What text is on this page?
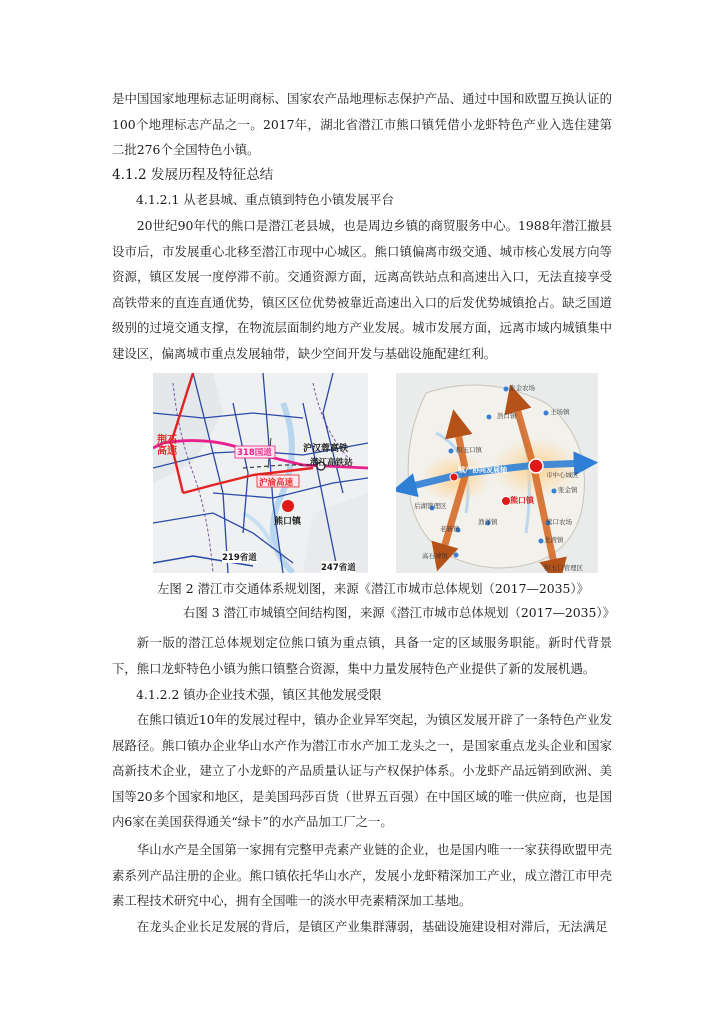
是中国国家地理标志证明商标、国家农产品地理标志保护产品、通过中国和欧盟互换认证的100个地理标志产品之一。2017年，湖北省潜江市熊口镇凭借小龙虾特色产业入选住建第二批276个全国特色小镇。

4.1.2 发展历程及特征总结

4.1.2.1 从老县城、重点镇到特色小镇发展平台

20世纪90年代的熊口是潜江老县城，也是周边乡镇的商贸服务中心。1988年潜江撤县设市后，市发展重心北移至潜江市现中心城区。熊口镇偏离市级交通、城市核心发展方向等资源，镇区发展一度停滞不前。交通资源方面，远离高铁站点和高速出入口，无法直接享受高铁带来的直连直通优势，镇区区位优势被靠近高速出入口的后发优势城镇抢占。缺乏国道级别的过境交通支撑，在物流层面制约地方产业发展。城市发展方面，远离市域内城镇集中建设区，偏离城市重点发展轴带，缺少空间开发与基础设施配建红利。

荆石
高速	318国道	沪汉蓉高铁
沪渝高速
潜江高铁站
熊口镇
219省道
247省道
浩口镇
积玉口镇
城产协同发展轴
市中心城区
熊口镇
后湖管理区
老新镇
渔洋镇
张金镇
龙湾镇
熊口农场
高石碑镇
张金农场
积玉口管理区
王场镇

左图 2 潜江市交通体系规划图，来源《潜江市城市总体规划（2017—2035）》

右图 3 潜江市城镇空间结构图，来源《潜江市城市总体规划（2017—2035）》

新一版的潜江总体规划定位熊口镇为重点镇，具备一定的区域服务职能。新时代背景下，熊口龙虾特色小镇为熊口镇整合资源，集中力量发展特色产业提供了新的发展机遇。

4.1.2.2 镇办企业技术强，镇区其他发展受限

在熊口镇近10年的发展过程中，镇办企业异军突起，为镇区发展开辟了一条特色产业发展路径。熊口镇办企业华山水产作为潜江市水产加工龙头之一，是国家重点龙头企业和国家高新技术企业，建立了小龙虾的产品质量认证与产权保护体系。小龙虾产品远销到欧洲、美国等20多个国家和地区，是美国玛莎百货（世界五百强）在中国区域的唯一供应商，也是国内6家在美国获得通关“绿卡”的水产品加工厂之一。

华山水产是全国第一家拥有完整甲壳素产业链的企业，也是国内唯一一家获得欧盟甲壳素系列产品注册的企业。熊口镇依托华山水产，发展小龙虾精深加工产业，成立潜江市甲壳素工程技术研究中心，拥有全国唯一的淡水甲壳素精深加工基地。

在龙头企业长足发展的背后，是镇区产业集群薄弱，基础设施建设相对滞后，无法满足
